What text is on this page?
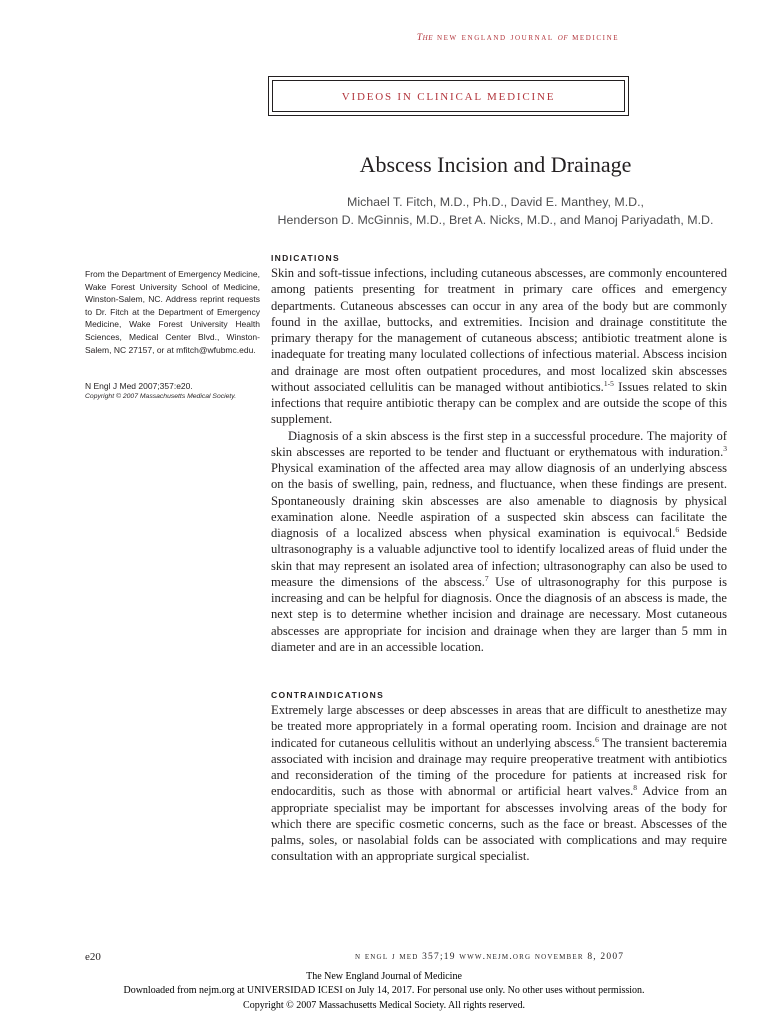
The new england journal of medicine
VIDEOS IN CLINICAL MEDICINE
Abscess Incision and Drainage
Michael T. Fitch, M.D., Ph.D., David E. Manthey, M.D.,
Henderson D. McGinnis, M.D., Bret A. Nicks, M.D., and Manoj Pariyadath, M.D.
From the Department of Emergency Medicine, Wake Forest University School of Medicine, Winston-Salem, NC. Address reprint requests to Dr. Fitch at the Department of Emergency Medicine, Wake Forest University Health Sciences, Medical Center Blvd., Winston-Salem, NC 27157, or at mfitch@wfubmc.edu.
N Engl J Med 2007;357:e20.
Copyright © 2007 Massachusetts Medical Society.
INDICATIONS

Skin and soft-tissue infections, including cutaneous abscesses, are commonly encountered among patients presenting for treatment in primary care offices and emergency departments. Cutaneous abscesses can occur in any area of the body but are commonly found in the axillae, buttocks, and extremities. Incision and drainage constititute the primary therapy for the management of cutaneous abscess; antibiotic treatment alone is inadequate for treating many loculated collections of infectious material. Abscess incision and drainage are most often outpatient procedures, and most localized skin abscesses without associated cellulitis can be managed without antibiotics.$^{1-5}$ Issues related to skin infections that require antibiotic therapy can be complex and are outside the scope of this supplement.

Diagnosis of a skin abscess is the first step in a successful procedure. The majority of skin abscesses are reported to be tender and fluctuant or erythematous with induration.$^3$ Physical examination of the affected area may allow diagnosis of an underlying abscess on the basis of swelling, pain, redness, and fluctuance, when these findings are present. Spontaneously draining skin abscesses are also amenable to diagnosis by physical examination alone. Needle aspiration of a suspected skin abscess can facilitate the diagnosis of a localized abscess when physical examination is equivocal.$^6$ Bedside ultrasonography is a valuable adjunctive tool to identify localized areas of fluid under the skin that may represent an isolated area of infection; ultrasonography can also be used to measure the dimensions of the abscess.$^7$ Use of ultrasonography for this purpose is increasing and can be helpful for diagnosis. Once the diagnosis of an abscess is made, the next step is to determine whether incision and drainage are necessary. Most cutaneous abscesses are appropriate for incision and drainage when they are larger than 5 mm in diameter and are in an accessible location.

CONTRAINDICATIONS

Extremely large abscesses or deep abscesses in areas that are difficult to anesthetize may be treated more appropriately in a formal operating room. Incision and drainage are not indicated for cutaneous cellulitis without an underlying abscess.$^6$ The transient bacteremia associated with incision and drainage may require preoperative treatment with antibiotics and reconsideration of the timing of the procedure for patients at increased risk for endocarditis, such as those with abnormal or artificial heart valves.$^8$ Advice from an appropriate specialist may be important for abscesses involving areas of the body for which there are specific cosmetic concerns, such as the face or breast. Abscesses of the palms, soles, or nasolabial folds can be associated with complications and may require consultation with an appropriate surgical specialist.

e20	n engl j med 357;19 www.nejm.org november 8, 2007
The New England Journal of Medicine
Downloaded from nejm.org at UNIVERSIDAD ICESI on July 14, 2017. For personal use only. No other uses without permission.
Copyright © 2007 Massachusetts Medical Society. All rights reserved.
